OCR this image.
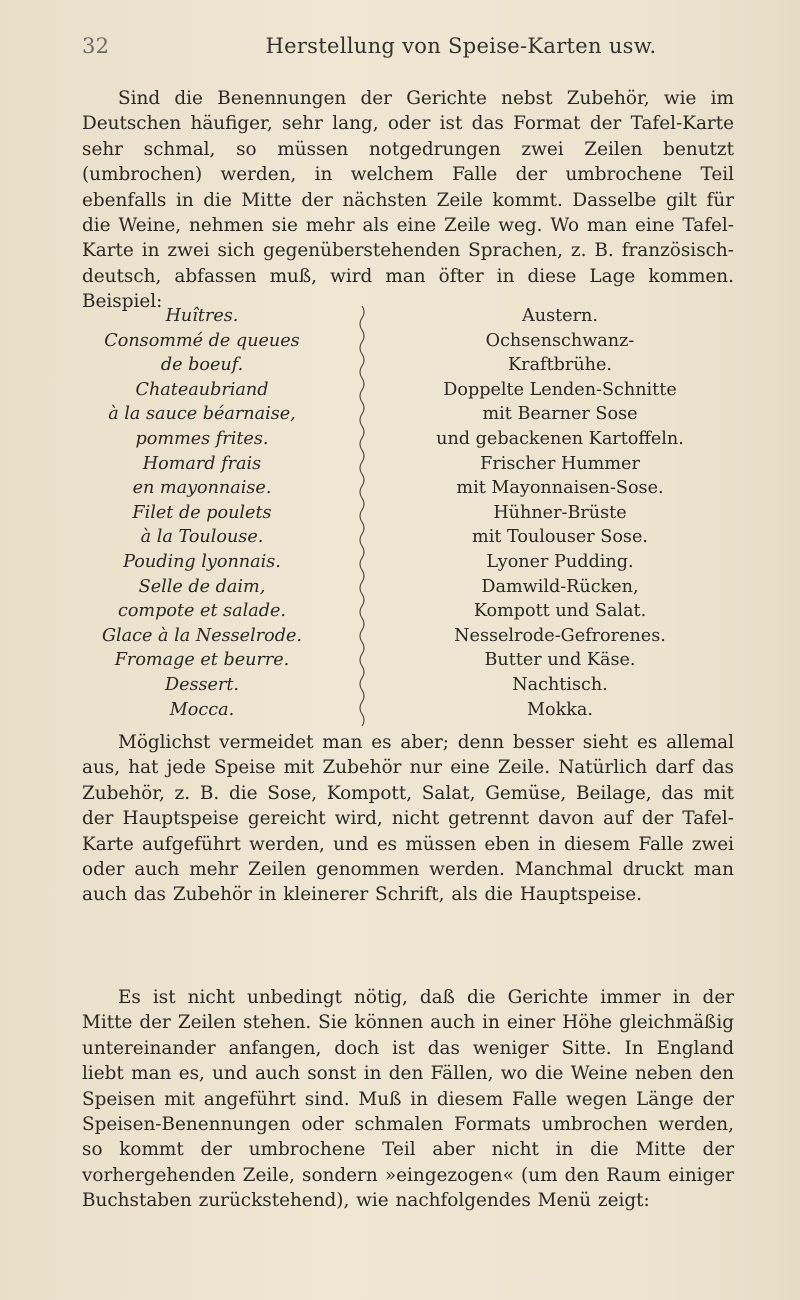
32	Herstellung von Speise-Karten usw.

Sind die Benennungen der Gerichte nebst Zubehör, wie im Deutschen häufiger, sehr lang, oder ist das Format der Tafel-Karte sehr schmal, so müssen notgedrungen zwei Zeilen benutzt (umbrochen) werden, in welchem Falle der umbrochene Teil ebenfalls in die Mitte der nächsten Zeile kommt. Dasselbe gilt für die Weine, nehmen sie mehr als eine Zeile weg. Wo man eine Tafel-Karte in zwei sich gegenüberstehenden Sprachen, z. B. französisch-deutsch, abfassen muß, wird man öfter in diese Lage kommen. Beispiel:

Huîtres.
Consommé de queues
de boeuf.
Chateaubriand
à la sauce béarnaise,
pommes frites.
Homard frais
en mayonnaise.
Filet de poulets
à la Toulouse.
Pouding lyonnais.
Selle de daim,
compote et salade.
Glace à la Nesselrode.
Fromage et beurre.
Dessert.
Mocca.
Austern.
Ochsenschwanz-
Kraftbrühe.
Doppelte Lenden-Schnitte
mit Bearner Sose
und gebackenen Kartoffeln.
Frischer Hummer
mit Mayonnaisen-Sose.
Hühner-Brüste
mit Toulouser Sose.
Lyoner Pudding.
Damwild-Rücken,
Kompott und Salat.
Nesselrode-Gefrorenes.
Butter und Käse.
Nachtisch.
Mokka.

Möglichst vermeidet man es aber; denn besser sieht es allemal aus, hat jede Speise mit Zubehör nur eine Zeile. Natürlich darf das Zubehör, z. B. die Sose, Kompott, Salat, Gemüse, Beilage, das mit der Hauptspeise gereicht wird, nicht getrennt davon auf der Tafel-Karte aufgeführt werden, und es müssen eben in diesem Falle zwei oder auch mehr Zeilen genommen werden. Manchmal druckt man auch das Zubehör in kleinerer Schrift, als die Hauptspeise.

Es ist nicht unbedingt nötig, daß die Gerichte immer in der Mitte der Zeilen stehen. Sie können auch in einer Höhe gleichmäßig untereinander anfangen, doch ist das weniger Sitte. In England liebt man es, und auch sonst in den Fällen, wo die Weine neben den Speisen mit angeführt sind. Muß in diesem Falle wegen Länge der Speisen-Benennungen oder schmalen Formats umbrochen werden, so kommt der umbrochene Teil aber nicht in die Mitte der vorhergehenden Zeile, sondern »eingezogen« (um den Raum einiger Buchstaben zurückstehend), wie nachfolgendes Menü zeigt:
